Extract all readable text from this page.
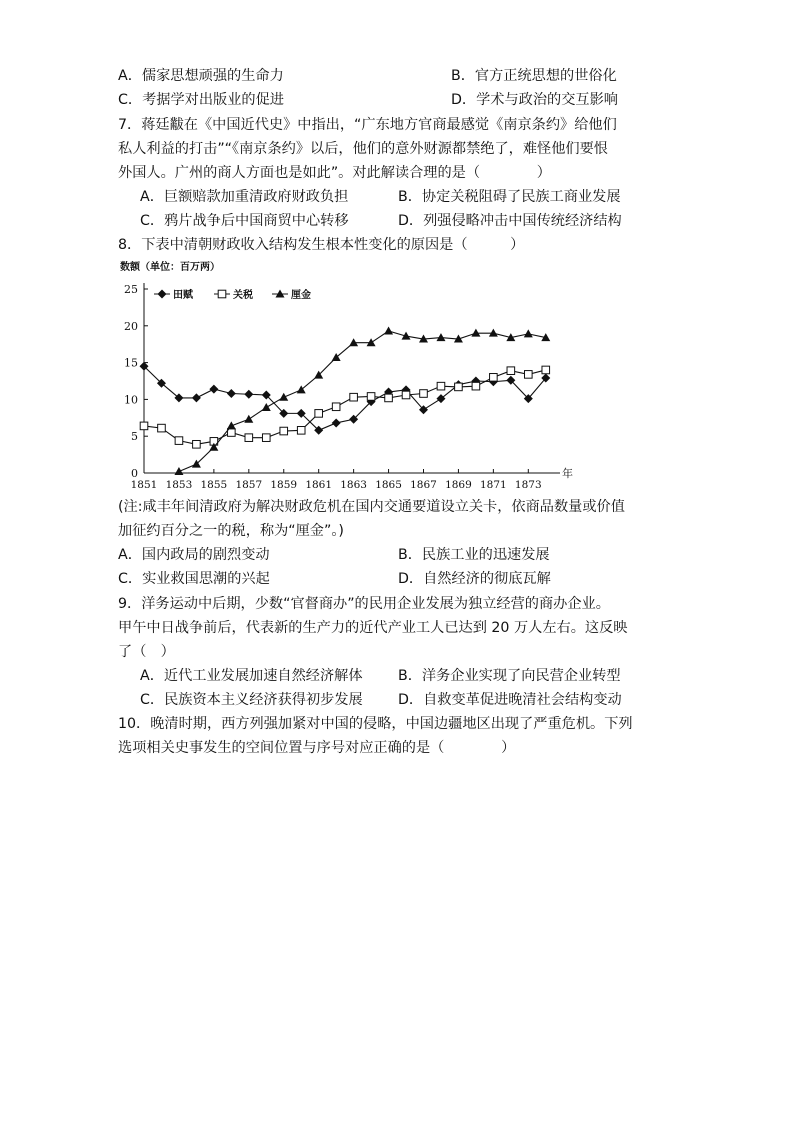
A．儒家思想顽强的生命力	B．官方正统思想的世俗化
C．考据学对出版业的促进	D．学术与政治的交互影响
7．蒋廷黻在《中国近代史》中指出，“广东地方官商最感觉《南京条约》给他们
私人利益的打击”“《南京条约》以后，他们的意外财源都禁绝了，难怪他们要恨
外国人。广州的商人方面也是如此”。对此解读合理的是（　　　　）
A．巨额赔款加重清政府财政负担	B．协定关税阻碍了民族工商业发展
C．鸦片战争后中国商贸中心转移	D．列强侵略冲击中国传统经济结构
8．下表中清朝财政收入结构发生根本性变化的原因是（　　　）
数额（单位：百万两）
0
5
10
15
20
25
1851 1853 1855 1857 1859 1861 1863 1865 1867 1869 1871 1873
年
田赋	关税	厘金
(注:咸丰年间清政府为解决财政危机在国内交通要道设立关卡，依商品数量或价值
加征约百分之一的税，称为“厘金”。)
A．国内政局的剧烈变动	B．民族工业的迅速发展
C．实业救国思潮的兴起	D．自然经济的彻底瓦解
9．洋务运动中后期，少数“官督商办”的民用企业发展为独立经营的商办企业。
甲午中日战争前后，代表新的生产力的近代产业工人已达到 20 万人左右。这反映
了（　）
A．近代工业发展加速自然经济解体 B．洋务企业实现了向民营企业转型
C．民族资本主义经济获得初步发展 D．自救变革促进晚清社会结构变动
10．晚清时期，西方列强加紧对中国的侵略，中国边疆地区出现了严重危机。下列
选项相关史事发生的空间位置与序号对应正确的是（　　　　）
